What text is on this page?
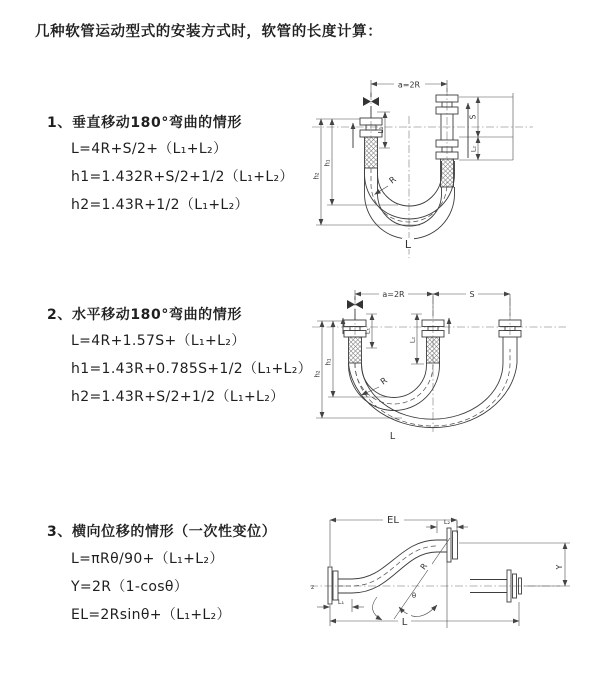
几种软管运动型式的安装方式时，软管的长度计算：
1、垂直移动180°弯曲的情形
L=4R+S/2+（L₁+L₂）
h1=1.432R+S/2+1/2（L₁+L₂）
h2=1.43R+1/2（L₁+L₂）
2、水平移动180°弯曲的情形
L=4R+1.57S+（L₁+L₂）
h1=1.43R+0.785S+1/2（L₁+L₂）
h2=1.43R+S/2+1/2（L₁+L₂）
3、横向位移的情形（一次性变位）
L=πRθ/90+（L₁+L₂）
Y=2R（1-cosθ）
EL=2Rsinθ+（L₁+L₂）
a=2R
L₁
S
L₂
h₁
h₂	R
L
a=2R	S
L₁
L₂
h₁
h₂
R
L
z
EL	L₂
Y
R
θ
L
L₁
